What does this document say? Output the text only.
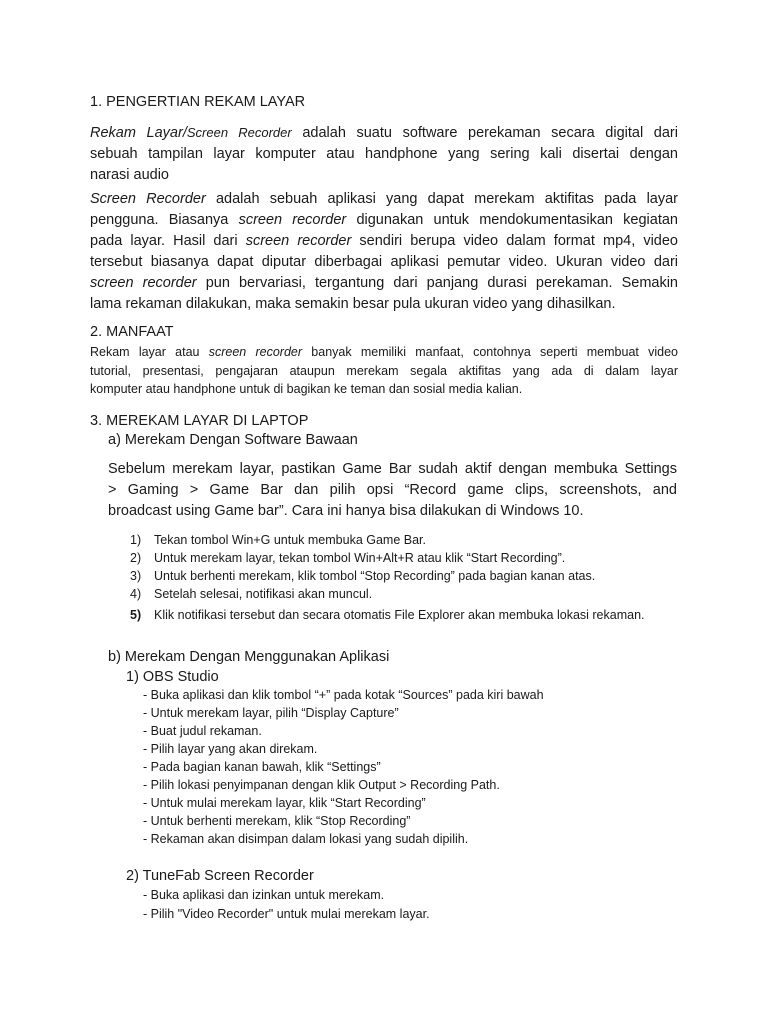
1. PENGERTIAN REKAM LAYAR
Rekam Layar/Screen Recorder adalah suatu software perekaman secara digital dari
sebuah tampilan layar komputer atau handphone yang sering kali disertai dengan
narasi audio
Screen Recorder adalah sebuah aplikasi yang dapat merekam aktifitas pada layar
pengguna. Biasanya screen recorder digunakan untuk mendokumentasikan kegiatan
pada layar. Hasil dari screen recorder sendiri berupa video dalam format mp4, video
tersebut biasanya dapat diputar diberbagai aplikasi pemutar video. Ukuran video dari
screen recorder pun bervariasi, tergantung dari panjang durasi perekaman. Semakin
lama rekaman dilakukan, maka semakin besar pula ukuran video yang dihasilkan.
2. MANFAAT
Rekam layar atau screen recorder banyak memiliki manfaat, contohnya seperti membuat video
tutorial, presentasi, pengajaran ataupun merekam segala aktifitas yang ada di dalam layar
komputer atau handphone untuk di bagikan ke teman dan sosial media kalian.
3. MEREKAM LAYAR DI LAPTOP
a) Merekam Dengan Software Bawaan
Sebelum merekam layar, pastikan Game Bar sudah aktif dengan membuka Settings
> Gaming > Game Bar dan pilih opsi “Record game clips, screenshots, and
broadcast using Game bar”. Cara ini hanya bisa dilakukan di Windows 10.
1) Tekan tombol Win+G untuk membuka Game Bar.
2) Untuk merekam layar, tekan tombol Win+Alt+R atau klik “Start Recording”.
3) Untuk berhenti merekam, klik tombol “Stop Recording” pada bagian kanan atas.
4) Setelah selesai, notifikasi akan muncul.
5) Klik notifikasi tersebut dan secara otomatis File Explorer akan membuka lokasi rekaman.
b) Merekam Dengan Menggunakan Aplikasi
1) OBS Studio
- Buka aplikasi dan klik tombol “+” pada kotak “Sources” pada kiri bawah
- Untuk merekam layar, pilih “Display Capture”
- Buat judul rekaman.
- Pilih layar yang akan direkam.
- Pada bagian kanan bawah, klik “Settings”
- Pilih lokasi penyimpanan dengan klik Output > Recording Path.
- Untuk mulai merekam layar, klik “Start Recording”
- Untuk berhenti merekam, klik “Stop Recording”
- Rekaman akan disimpan dalam lokasi yang sudah dipilih.
2) TuneFab Screen Recorder
- Buka aplikasi dan izinkan untuk merekam.
- Pilih "Video Recorder" untuk mulai merekam layar.
